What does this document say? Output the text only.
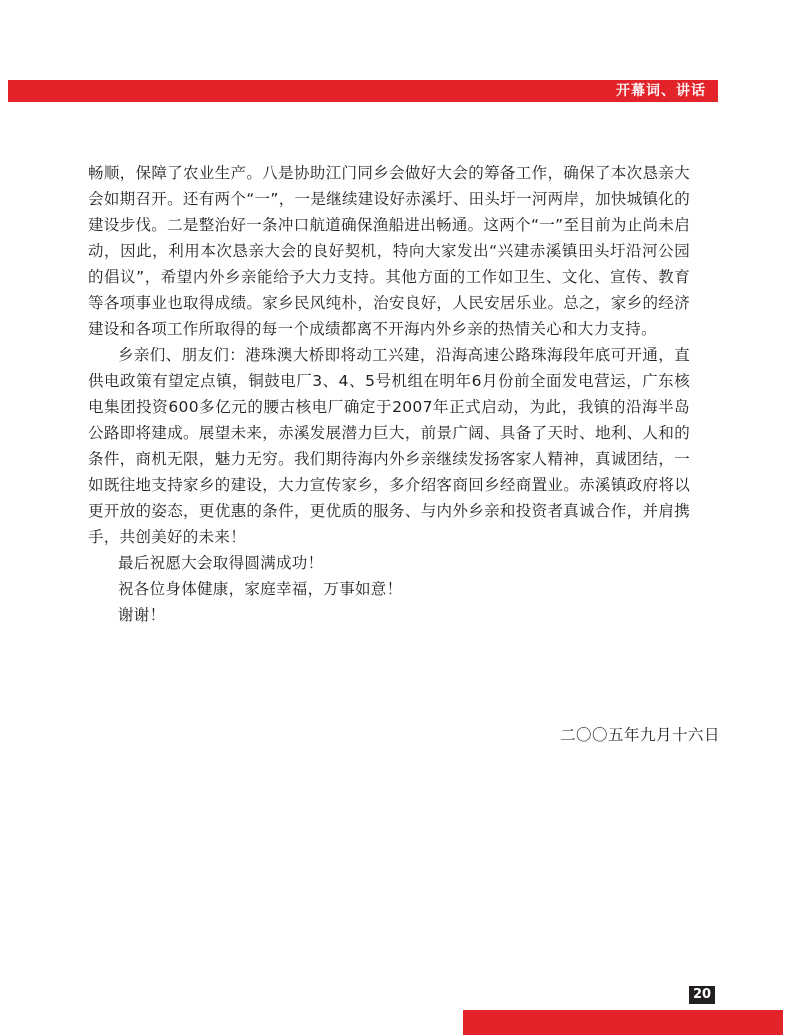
开幕词、讲话

畅顺，保障了农业生产。八是协助江门同乡会做好大会的筹备工作，确保了本次恳亲大会如期召开。还有两个“一”，一是继续建设好赤溪圩、田头圩一河两岸，加快城镇化的建设步伐。二是整治好一条冲口航道确保渔船进出畅通。这两个“一”至目前为止尚未启动，因此，利用本次恳亲大会的良好契机，特向大家发出“兴建赤溪镇田头圩沿河公园的倡议”，希望内外乡亲能给予大力支持。其他方面的工作如卫生、文化、宣传、教育等各项事业也取得成绩。家乡民风纯朴，治安良好，人民安居乐业。总之，家乡的经济建设和各项工作所取得的每一个成绩都离不开海内外乡亲的热情关心和大力支持。

乡亲们、朋友们：港珠澳大桥即将动工兴建，沿海高速公路珠海段年底可开通，直供电政策有望定点镇，铜鼓电厂3、4、5号机组在明年6月份前全面发电营运，广东核电集团投资600多亿元的腰古核电厂确定于2007年正式启动，为此，我镇的沿海半岛公路即将建成。展望未来，赤溪发展潜力巨大，前景广阔、具备了天时、地利、人和的条件，商机无限，魅力无穷。我们期待海内外乡亲继续发扬客家人精神，真诚团结，一如既往地支持家乡的建设，大力宣传家乡，多介绍客商回乡经商置业。赤溪镇政府将以更开放的姿态，更优惠的条件，更优质的服务、与内外乡亲和投资者真诚合作，并肩携手，共创美好的未来！

最后祝愿大会取得圆满成功！

祝各位身体健康，家庭幸福，万事如意！

谢谢！

二〇〇五年九月十六日
20
